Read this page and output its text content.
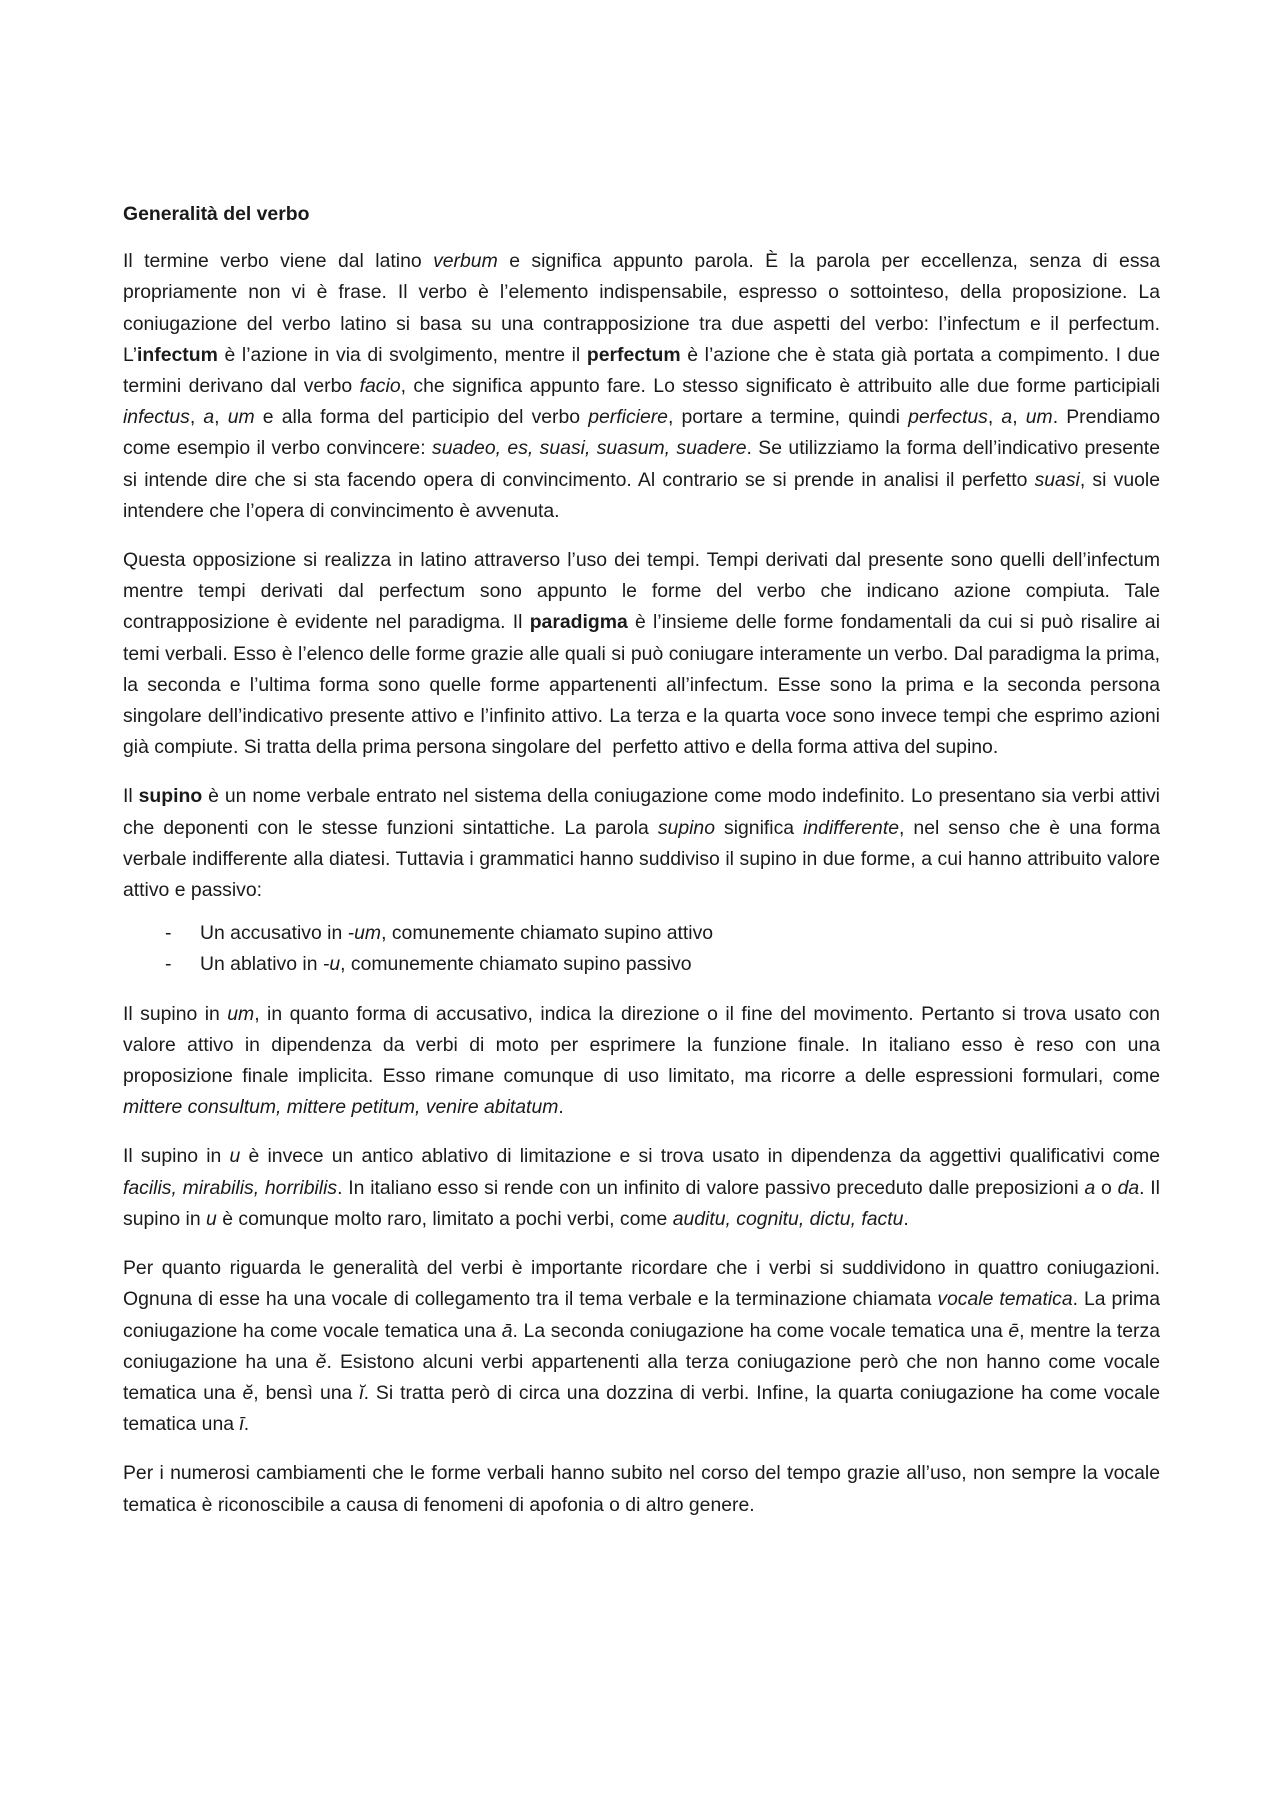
Generalità del verbo
Il termine verbo viene dal latino verbum e significa appunto parola. È la parola per eccellenza, senza di essa propriamente non vi è frase. Il verbo è l’elemento indispensabile, espresso o sottointeso, della proposizione. La coniugazione del verbo latino si basa su una contrapposizione tra due aspetti del verbo: l’infectum e il perfectum. L’infectum è l’azione in via di svolgimento, mentre il perfectum è l’azione che è stata già portata a compimento. I due termini derivano dal verbo facio, che significa appunto fare. Lo stesso significato è attribuito alle due forme participiali infectus, a, um e alla forma del participio del verbo perficiere, portare a termine, quindi perfectus, a, um. Prendiamo come esempio il verbo convincere: suadeo, es, suasi, suasum, suadere. Se utilizziamo la forma dell’indicativo presente si intende dire che si sta facendo opera di convincimento. Al contrario se si prende in analisi il perfetto suasi, si vuole intendere che l’opera di convincimento è avvenuta.
Questa opposizione si realizza in latino attraverso l’uso dei tempi. Tempi derivati dal presente sono quelli dell’infectum mentre tempi derivati dal perfectum sono appunto le forme del verbo che indicano azione compiuta. Tale contrapposizione è evidente nel paradigma. Il paradigma è l’insieme delle forme fondamentali da cui si può risalire ai temi verbali. Esso è l’elenco delle forme grazie alle quali si può coniugare interamente un verbo. Dal paradigma la prima, la seconda e l’ultima forma sono quelle forme appartenenti all’infectum. Esse sono la prima e la seconda persona singolare dell’indicativo presente attivo e l’infinito attivo. La terza e la quarta voce sono invece tempi che esprimo azioni già compiute. Si tratta della prima persona singolare del  perfetto attivo e della forma attiva del supino.
Il supino è un nome verbale entrato nel sistema della coniugazione come modo indefinito. Lo presentano sia verbi attivi che deponenti con le stesse funzioni sintattiche. La parola supino significa indifferente, nel senso che è una forma verbale indifferente alla diatesi. Tuttavia i grammatici hanno suddiviso il supino in due forme, a cui hanno attribuito valore attivo e passivo:
- Un accusativo in -um, comunemente chiamato supino attivo
- Un ablativo in -u, comunemente chiamato supino passivo
Il supino in um, in quanto forma di accusativo, indica la direzione o il fine del movimento. Pertanto si trova usato con valore attivo in dipendenza da verbi di moto per esprimere la funzione finale. In italiano esso è reso con una proposizione finale implicita. Esso rimane comunque di uso limitato, ma ricorre a delle espressioni formulari, come mittere consultum, mittere petitum, venire abitatum.
Il supino in u è invece un antico ablativo di limitazione e si trova usato in dipendenza da aggettivi qualificativi come facilis, mirabilis, horribilis. In italiano esso si rende con un infinito di valore passivo preceduto dalle preposizioni a o da. Il supino in u è comunque molto raro, limitato a pochi verbi, come auditu, cognitu, dictu, factu.
Per quanto riguarda le generalità del verbi è importante ricordare che i verbi si suddividono in quattro coniugazioni. Ognuna di esse ha una vocale di collegamento tra il tema verbale e la terminazione chiamata vocale tematica. La prima coniugazione ha come vocale tematica una ā. La seconda coniugazione ha come vocale tematica una ē, mentre la terza coniugazione ha una ĕ. Esistono alcuni verbi appartenenti alla terza coniugazione però che non hanno come vocale tematica una ĕ, bensì una ĭ. Si tratta però di circa una dozzina di verbi. Infine, la quarta coniugazione ha come vocale tematica una ī.
Per i numerosi cambiamenti che le forme verbali hanno subito nel corso del tempo grazie all’uso, non sempre la vocale tematica è riconoscibile a causa di fenomeni di apofonia o di altro genere.
